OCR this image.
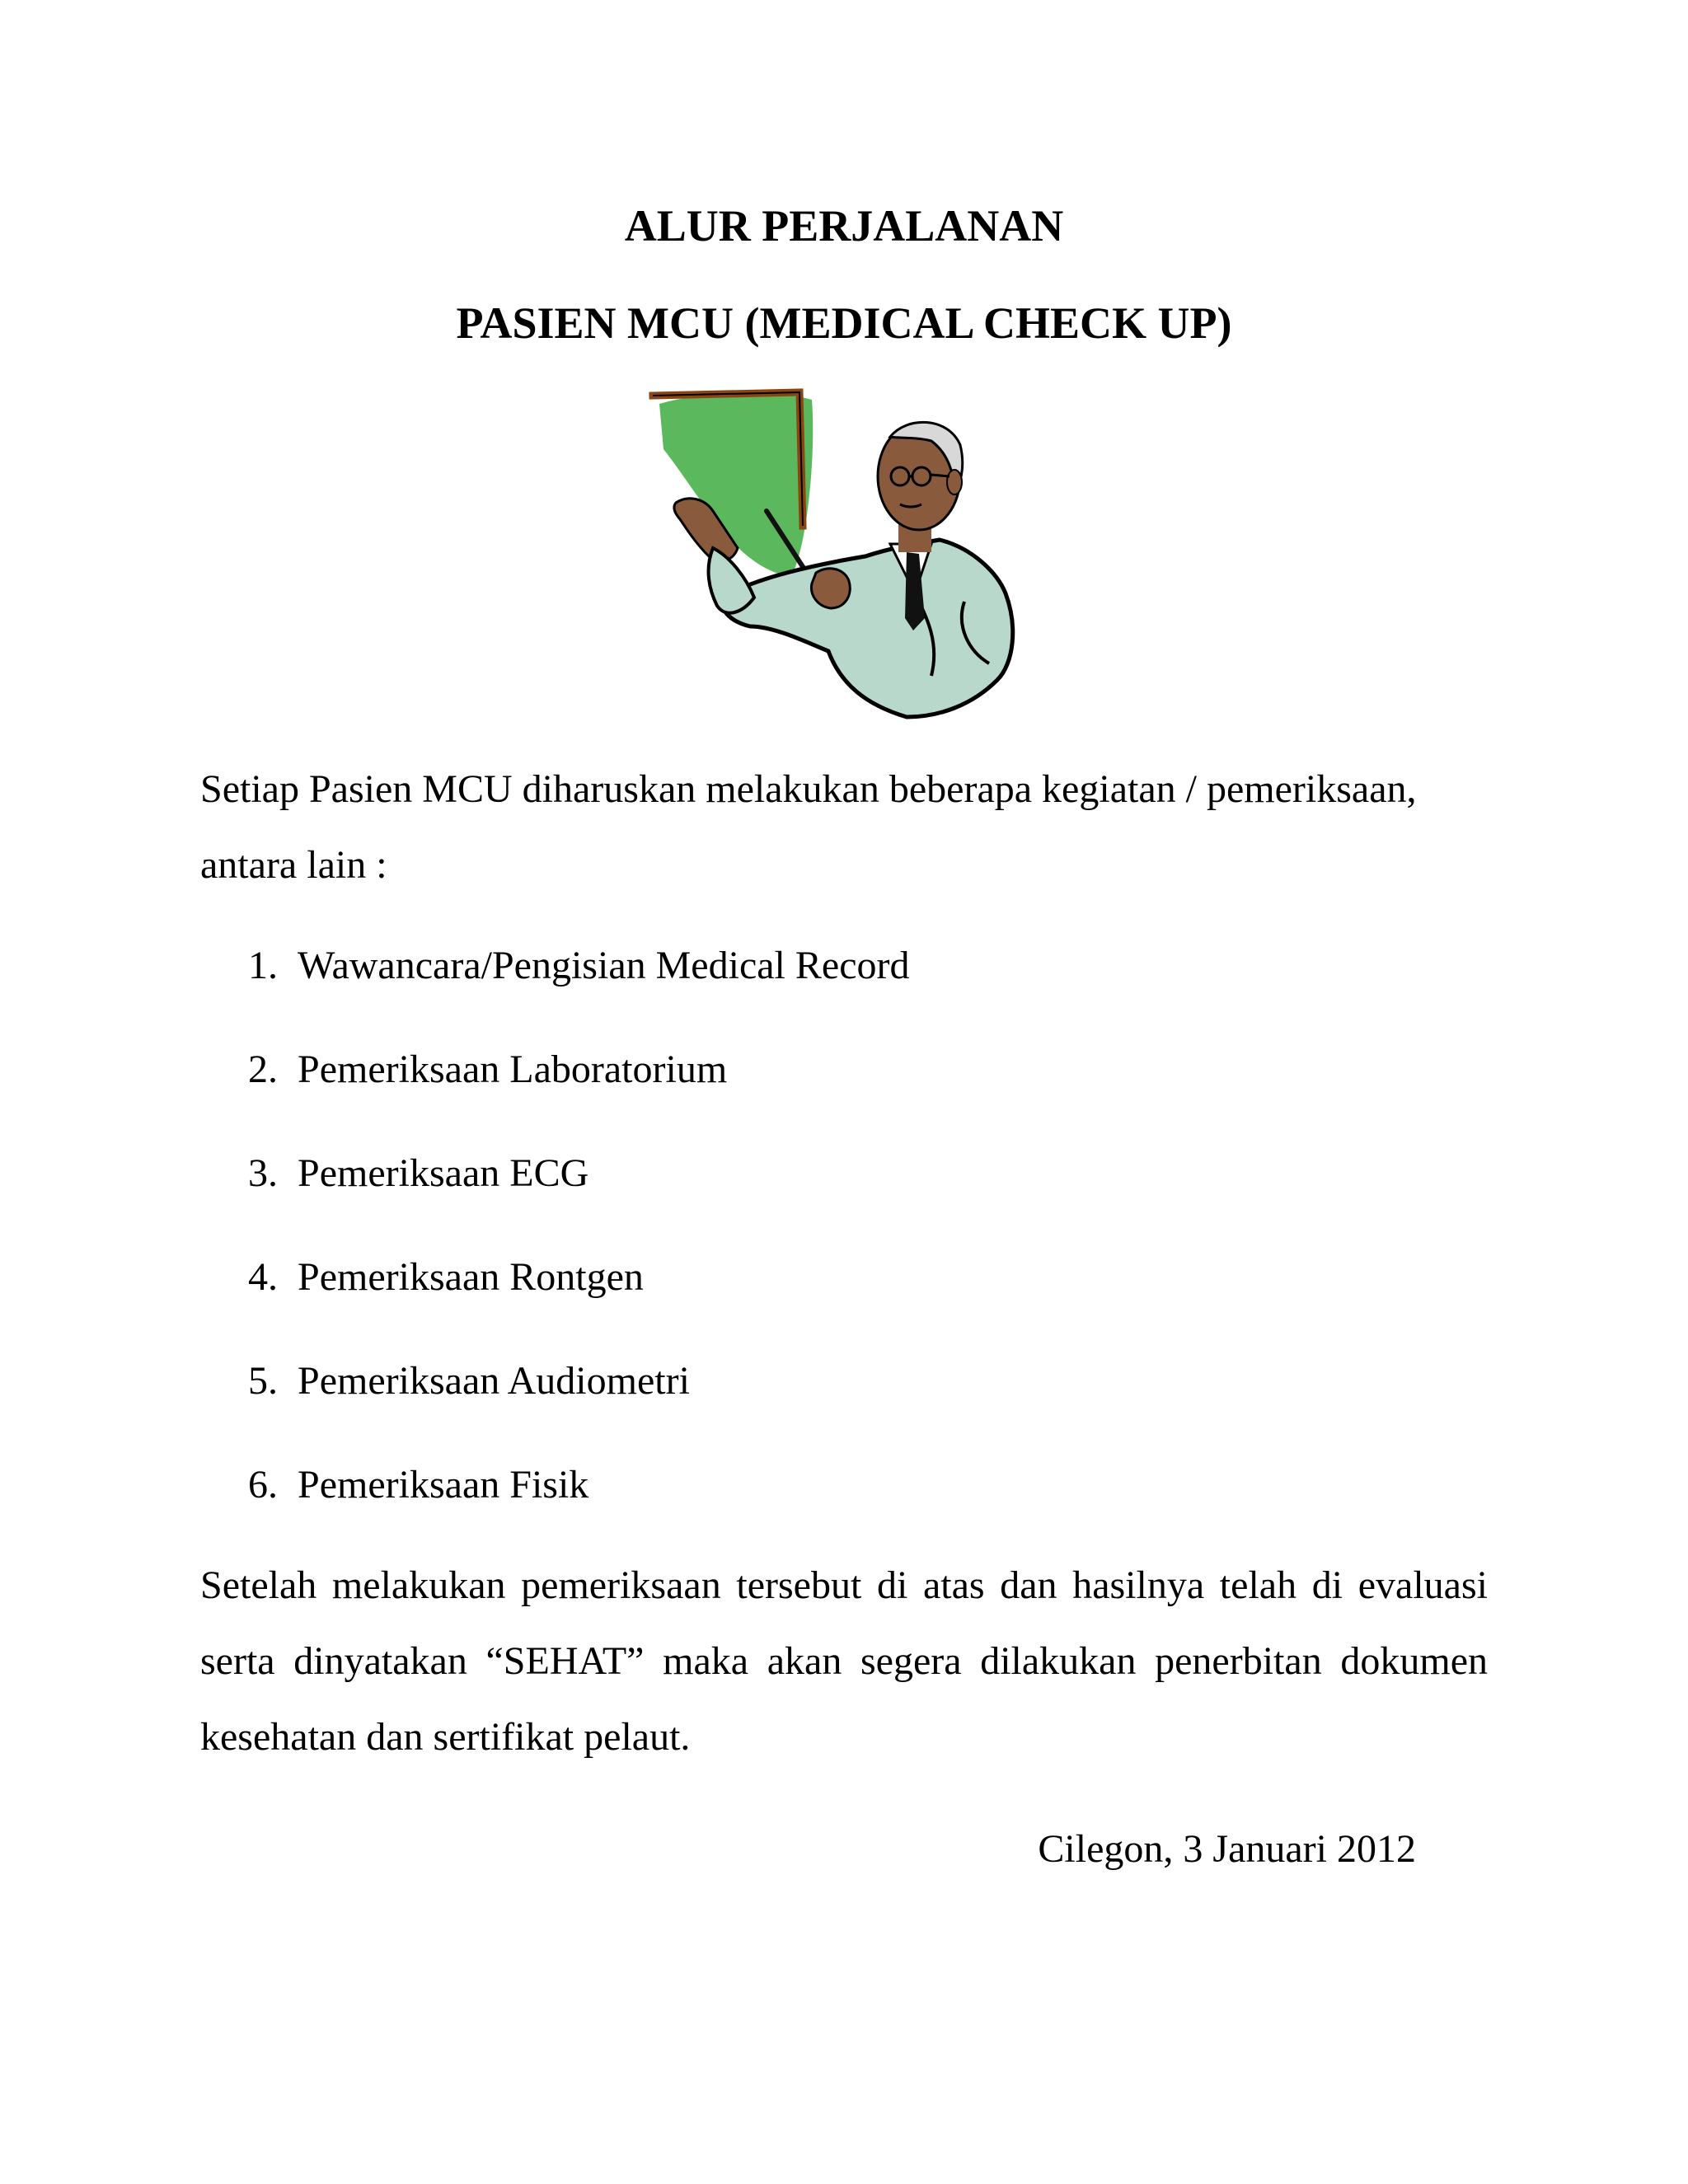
ALUR PERJALANAN
PASIEN MCU (MEDICAL CHECK UP)

Setiap Pasien MCU diharuskan melakukan beberapa kegiatan / pemeriksaan, antara lain :

1. Wawancara/Pengisian Medical Record
2. Pemeriksaan Laboratorium
3. Pemeriksaan ECG
4. Pemeriksaan Rontgen
5. Pemeriksaan Audiometri
6. Pemeriksaan Fisik

Setelah melakukan pemeriksaan tersebut di atas dan hasilnya telah di evaluasi serta dinyatakan “SEHAT” maka akan segera dilakukan penerbitan dokumen kesehatan dan sertifikat pelaut.

Cilegon, 3 Januari 2012
